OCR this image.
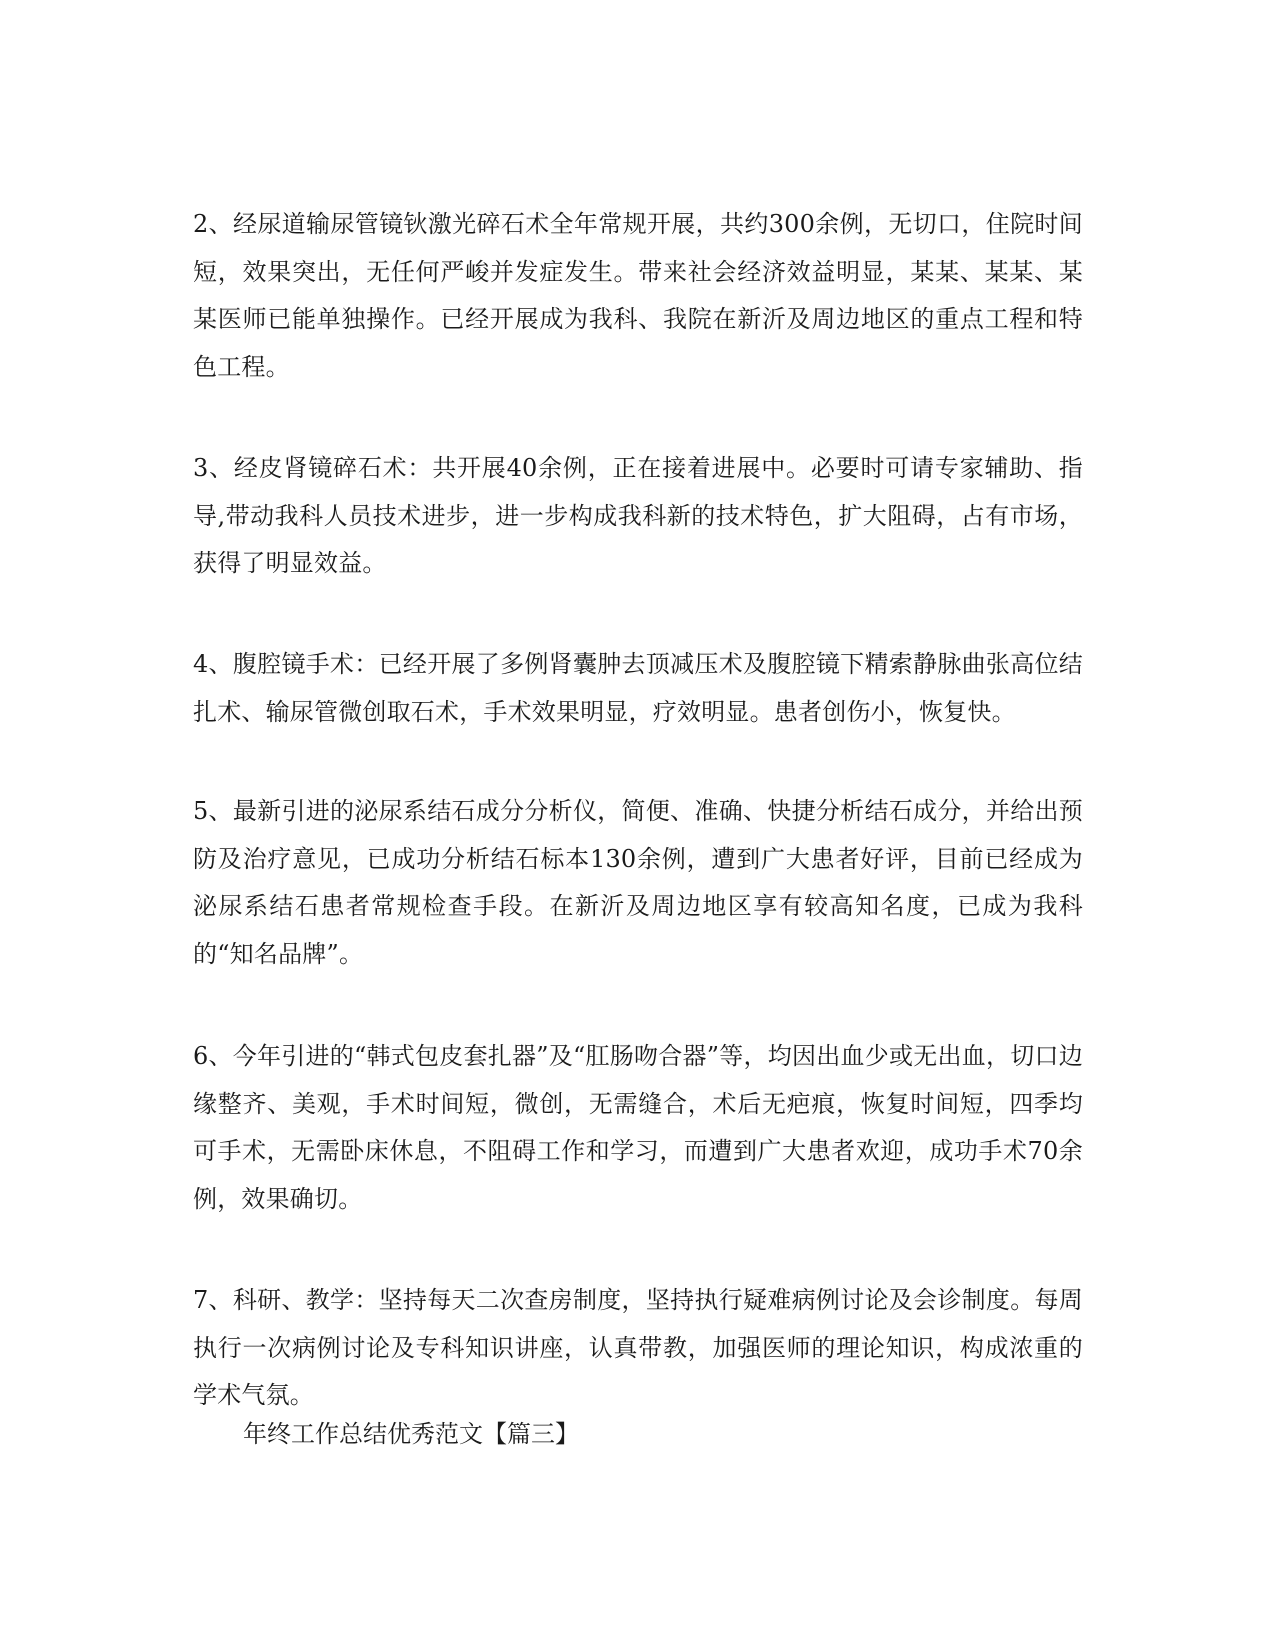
2、经尿道输尿管镜钬激光碎石术全年常规开展，共约300余例，无切口，住院时间短，效果突出，无任何严峻并发症发生。带来社会经济效益明显，某某、某某、某某医师已能单独操作。已经开展成为我科、我院在新沂及周边地区的重点工程和特色工程。

3、经皮肾镜碎石术：共开展40余例，正在接着进展中。必要时可请专家辅助、指导,带动我科人员技术进步，进一步构成我科新的技术特色，扩大阻碍，占有市场，获得了明显效益。

4、腹腔镜手术：已经开展了多例肾囊肿去顶减压术及腹腔镜下精索静脉曲张高位结扎术、输尿管微创取石术，手术效果明显，疗效明显。患者创伤小，恢复快。

5、最新引进的泌尿系结石成分分析仪，简便、准确、快捷分析结石成分，并给出预防及治疗意见，已成功分析结石标本130余例，遭到广大患者好评，目前已经成为泌尿系结石患者常规检查手段。在新沂及周边地区享有较高知名度，已成为我科的“知名品牌”。

6、今年引进的“韩式包皮套扎器”及“肛肠吻合器”等，均因出血少或无出血，切口边缘整齐、美观，手术时间短，微创，无需缝合，术后无疤痕，恢复时间短，四季均可手术，无需卧床休息，不阻碍工作和学习，而遭到广大患者欢迎，成功手术70余例，效果确切。

7、科研、教学：坚持每天二次查房制度，坚持执行疑难病例讨论及会诊制度。每周执行一次病例讨论及专科知识讲座，认真带教，加强医师的理论知识，构成浓重的学术气氛。

年终工作总结优秀范文【篇三】
